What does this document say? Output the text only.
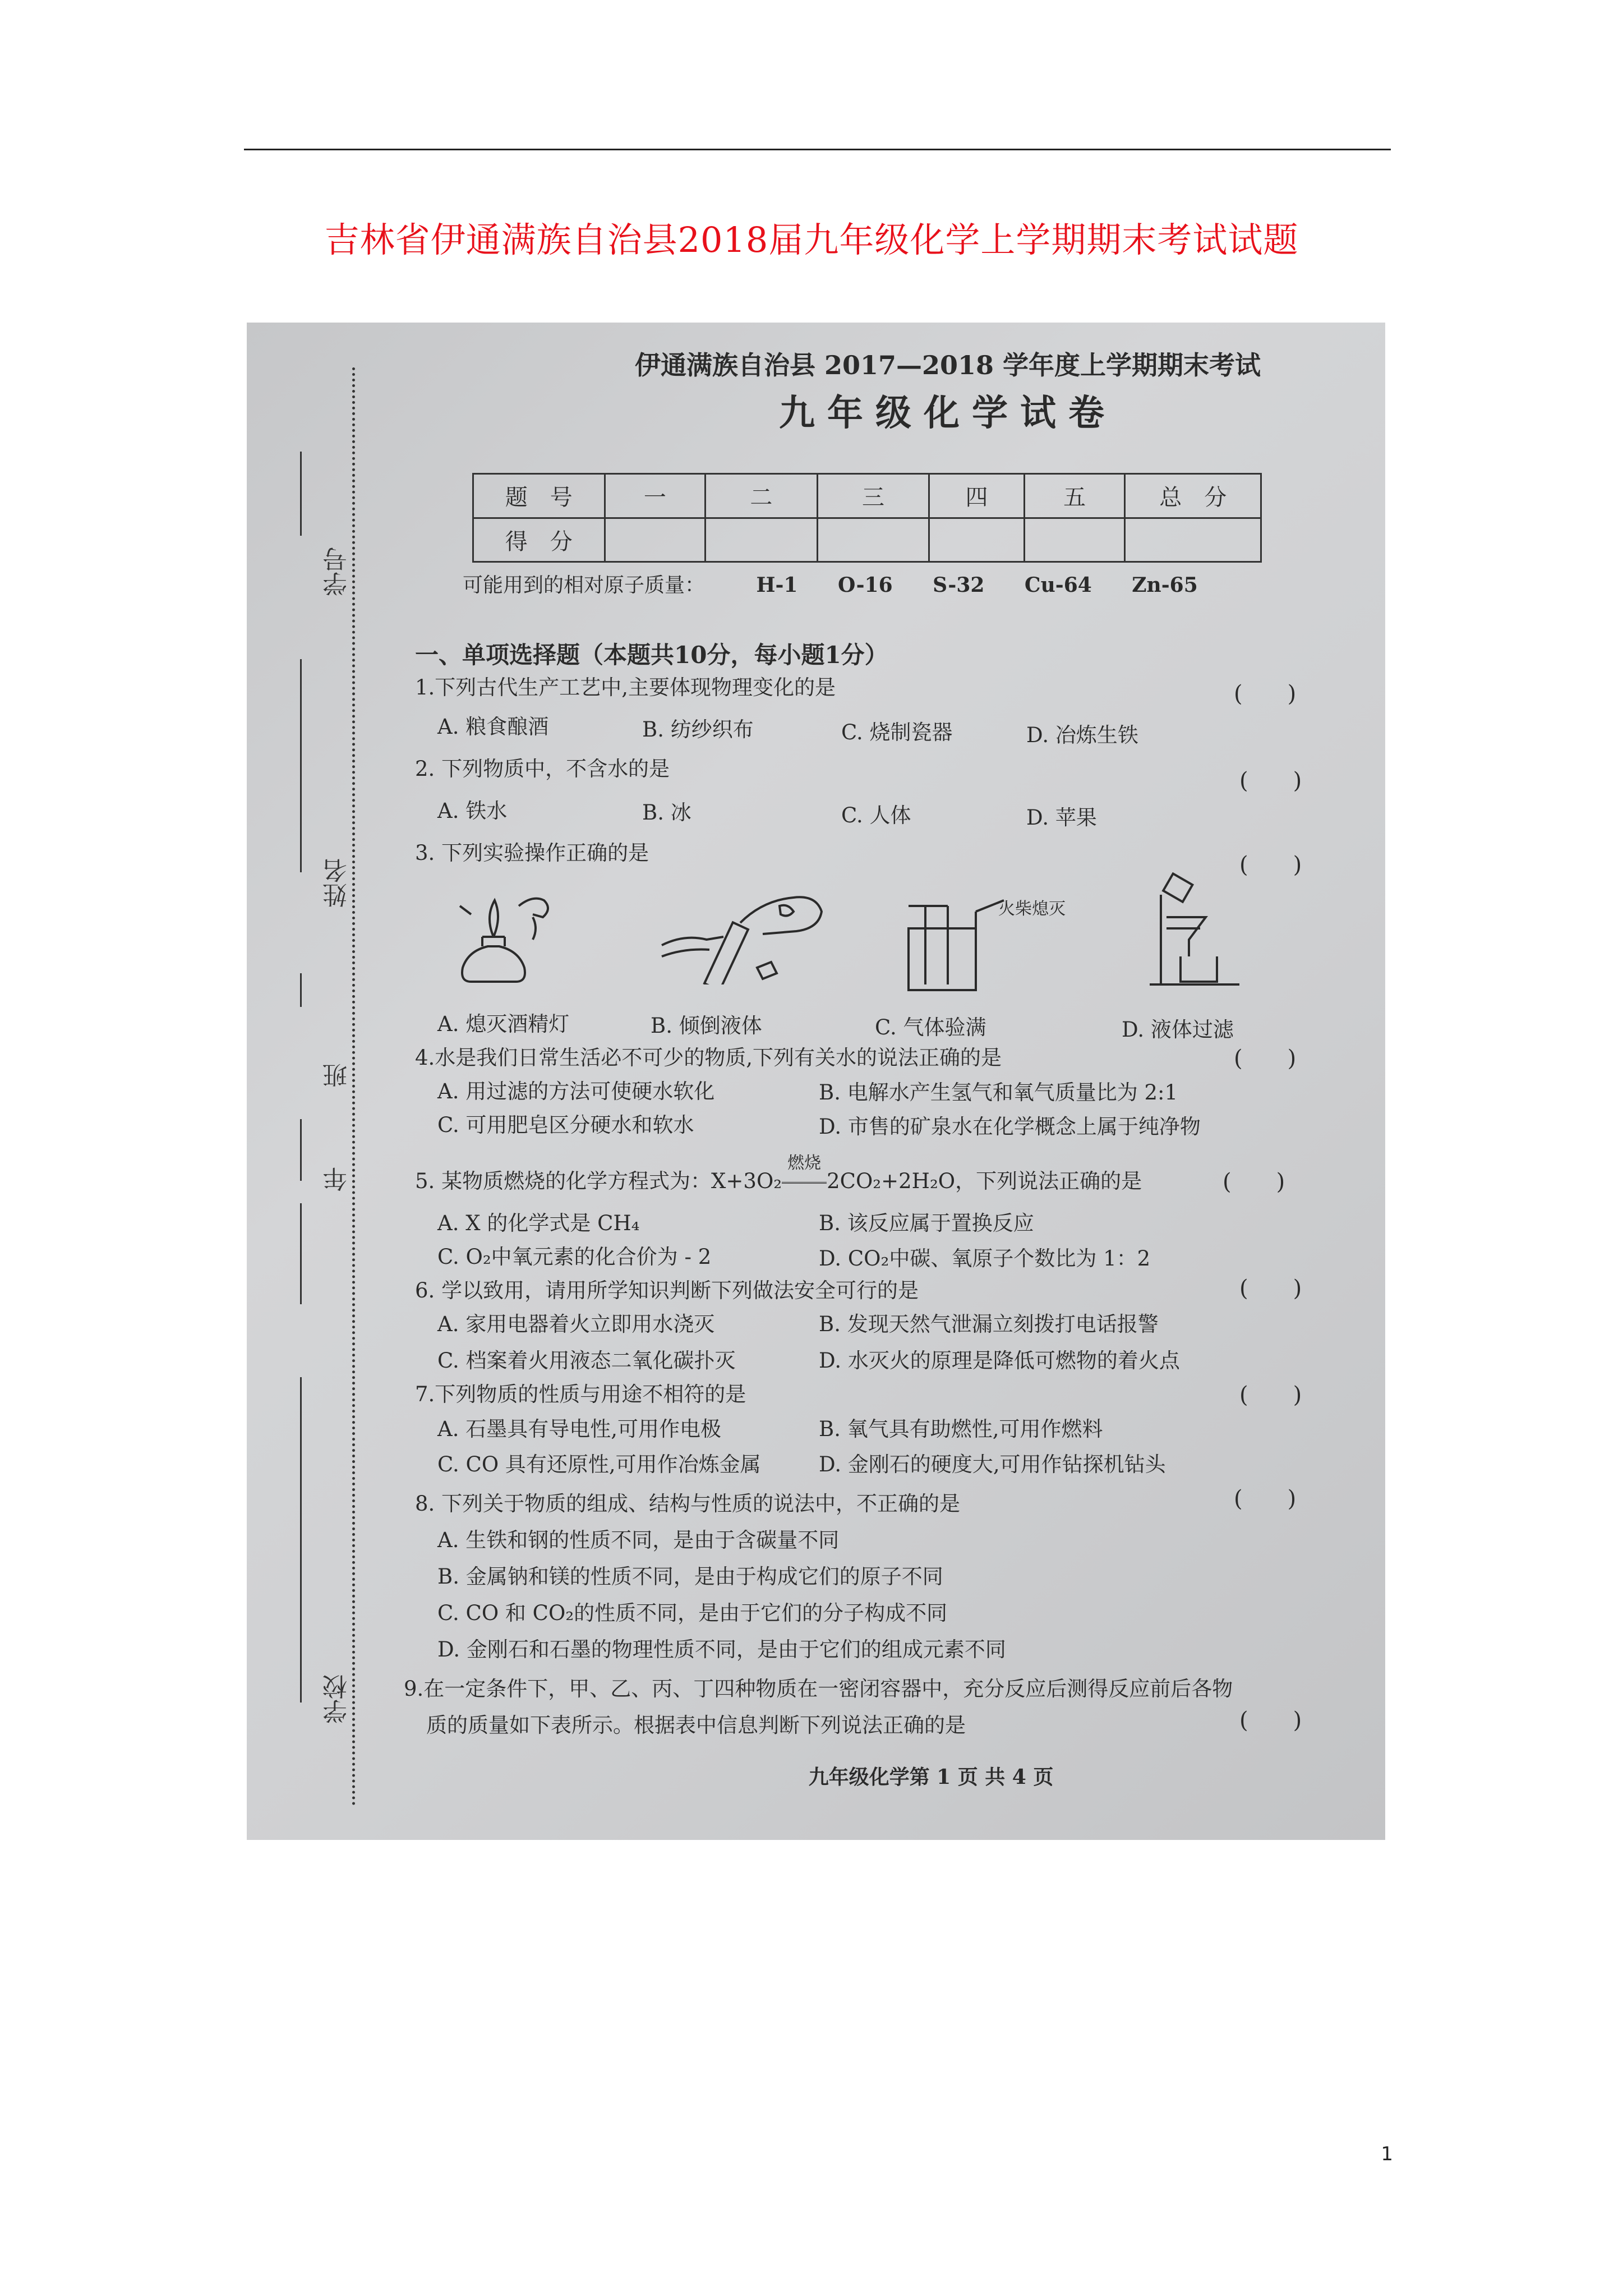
吉林省伊通满族自治县2018届九年级化学上学期期末考试试题
学号
姓名
班
年
学校
伊通满族自治县 2017—2018 学年度上学期期末考试
九年级化学试卷
题　号	一	二	三	四	五	总　分
得　分						
可能用到的相对原子质量：	H-1 O-16 S-32 Cu-64 Zn-65
一、单项选择题（本题共10分，每小题1分）
1.下列古代生产工艺中,主要体现物理变化的是	(　　)
A. 粮食酿酒	B. 纺纱织布	C. 烧制瓷器	D. 冶炼生铁
2. 下列物质中，不含水的是	(　　)
A. 铁水	B. 冰	C. 人体	D. 苹果
3. 下列实验操作正确的是	(　　)
火柴熄灭
A. 熄灭酒精灯	B. 倾倒液体	C. 气体验满	D. 液体过滤
4.水是我们日常生活必不可少的物质,下列有关水的说法正确的是	(　　)
A. 用过滤的方法可使硬水软化	B. 电解水产生氢气和氧气质量比为 2:1
C. 可用肥皂区分硬水和软水	D. 市售的矿泉水在化学概念上属于纯净物
5. 某物质燃烧的化学方程式为：X+3O₂
燃烧
2CO₂+2H₂O，下列说法正确的是	(　　)
A. X 的化学式是 CH₄	B. 该反应属于置换反应
C. O₂中氧元素的化合价为 - 2	D. CO₂中碳、氧原子个数比为 1：2
6. 学以致用，请用所学知识判断下列做法安全可行的是	(　　)
A. 家用电器着火立即用水浇灭	B. 发现天然气泄漏立刻拨打电话报警
C. 档案着火用液态二氧化碳扑灭	D. 水灭火的原理是降低可燃物的着火点
7.下列物质的性质与用途不相符的是	(　　)
A. 石墨具有导电性,可用作电极	B. 氧气具有助燃性,可用作燃料
C. CO 具有还原性,可用作冶炼金属	D. 金刚石的硬度大,可用作钻探机钻头
8. 下列关于物质的组成、结构与性质的说法中，不正确的是	(　　)
A. 生铁和钢的性质不同，是由于含碳量不同
B. 金属钠和镁的性质不同，是由于构成它们的原子不同
C. CO 和 CO₂的性质不同，是由于它们的分子构成不同
D. 金刚石和石墨的物理性质不同，是由于它们的组成元素不同
9.在一定条件下，甲、乙、丙、丁四种物质在一密闭容器中，充分反应后测得反应前后各物
质的质量如下表所示。根据表中信息判断下列说法正确的是	(　　)
九年级化学第 1 页 共 4 页
1
